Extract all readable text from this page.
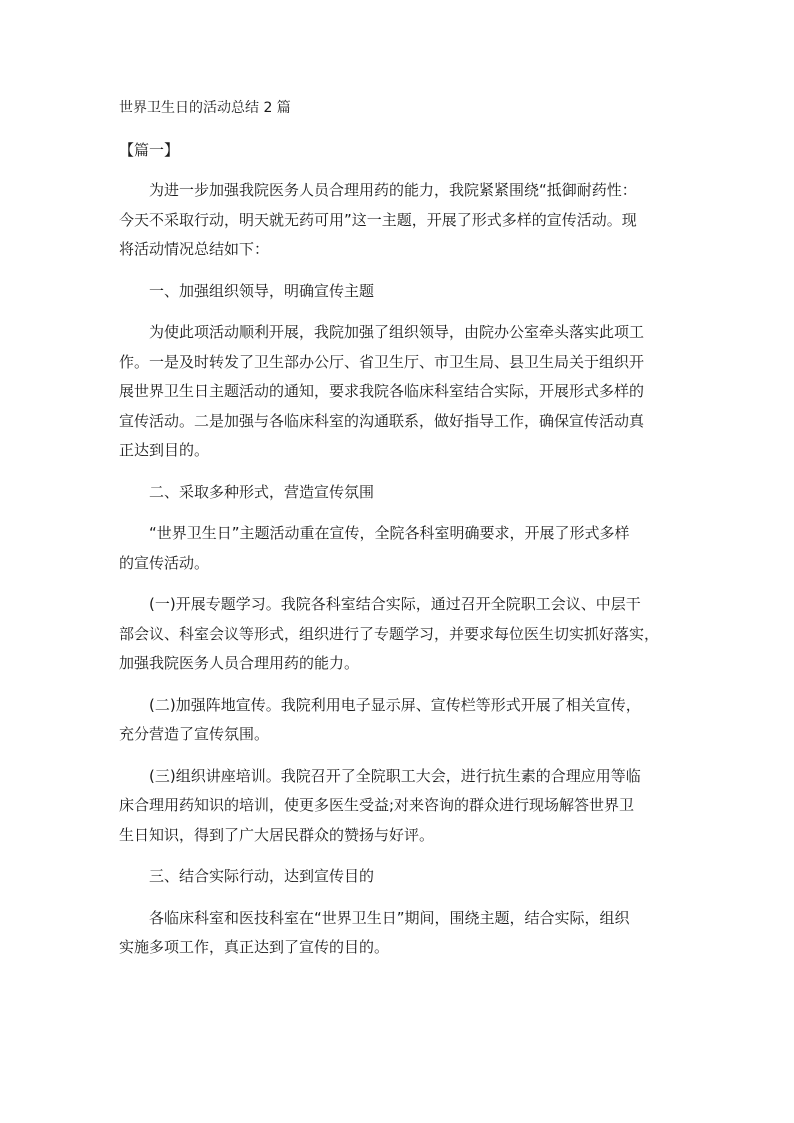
世界卫生日的活动总结 2 篇
【篇一】
为进一步加强我院医务人员合理用药的能力，我院紧紧围绕“抵御耐药性：
今天不采取行动，明天就无药可用”这一主题，开展了形式多样的宣传活动。现
将活动情况总结如下：
一、加强组织领导，明确宣传主题
为使此项活动顺利开展，我院加强了组织领导，由院办公室牵头落实此项工
作。一是及时转发了卫生部办公厅、省卫生厅、市卫生局、县卫生局关于组织开
展世界卫生日主题活动的通知，要求我院各临床科室结合实际，开展形式多样的
宣传活动。二是加强与各临床科室的沟通联系，做好指导工作，确保宣传活动真
正达到目的。
二、采取多种形式，营造宣传氛围
“世界卫生日”主题活动重在宣传，全院各科室明确要求，开展了形式多样
的宣传活动。
(一)开展专题学习。我院各科室结合实际，通过召开全院职工会议、中层干
部会议、科室会议等形式，组织进行了专题学习，并要求每位医生切实抓好落实，
加强我院医务人员合理用药的能力。
(二)加强阵地宣传。我院利用电子显示屏、宣传栏等形式开展了相关宣传，
充分营造了宣传氛围。
(三)组织讲座培训。我院召开了全院职工大会，进行抗生素的合理应用等临
床合理用药知识的培训，使更多医生受益;对来咨询的群众进行现场解答世界卫
生日知识，得到了广大居民群众的赞扬与好评。
三、结合实际行动，达到宣传目的
各临床科室和医技科室在“世界卫生日”期间，围绕主题，结合实际，组织
实施多项工作，真正达到了宣传的目的。
